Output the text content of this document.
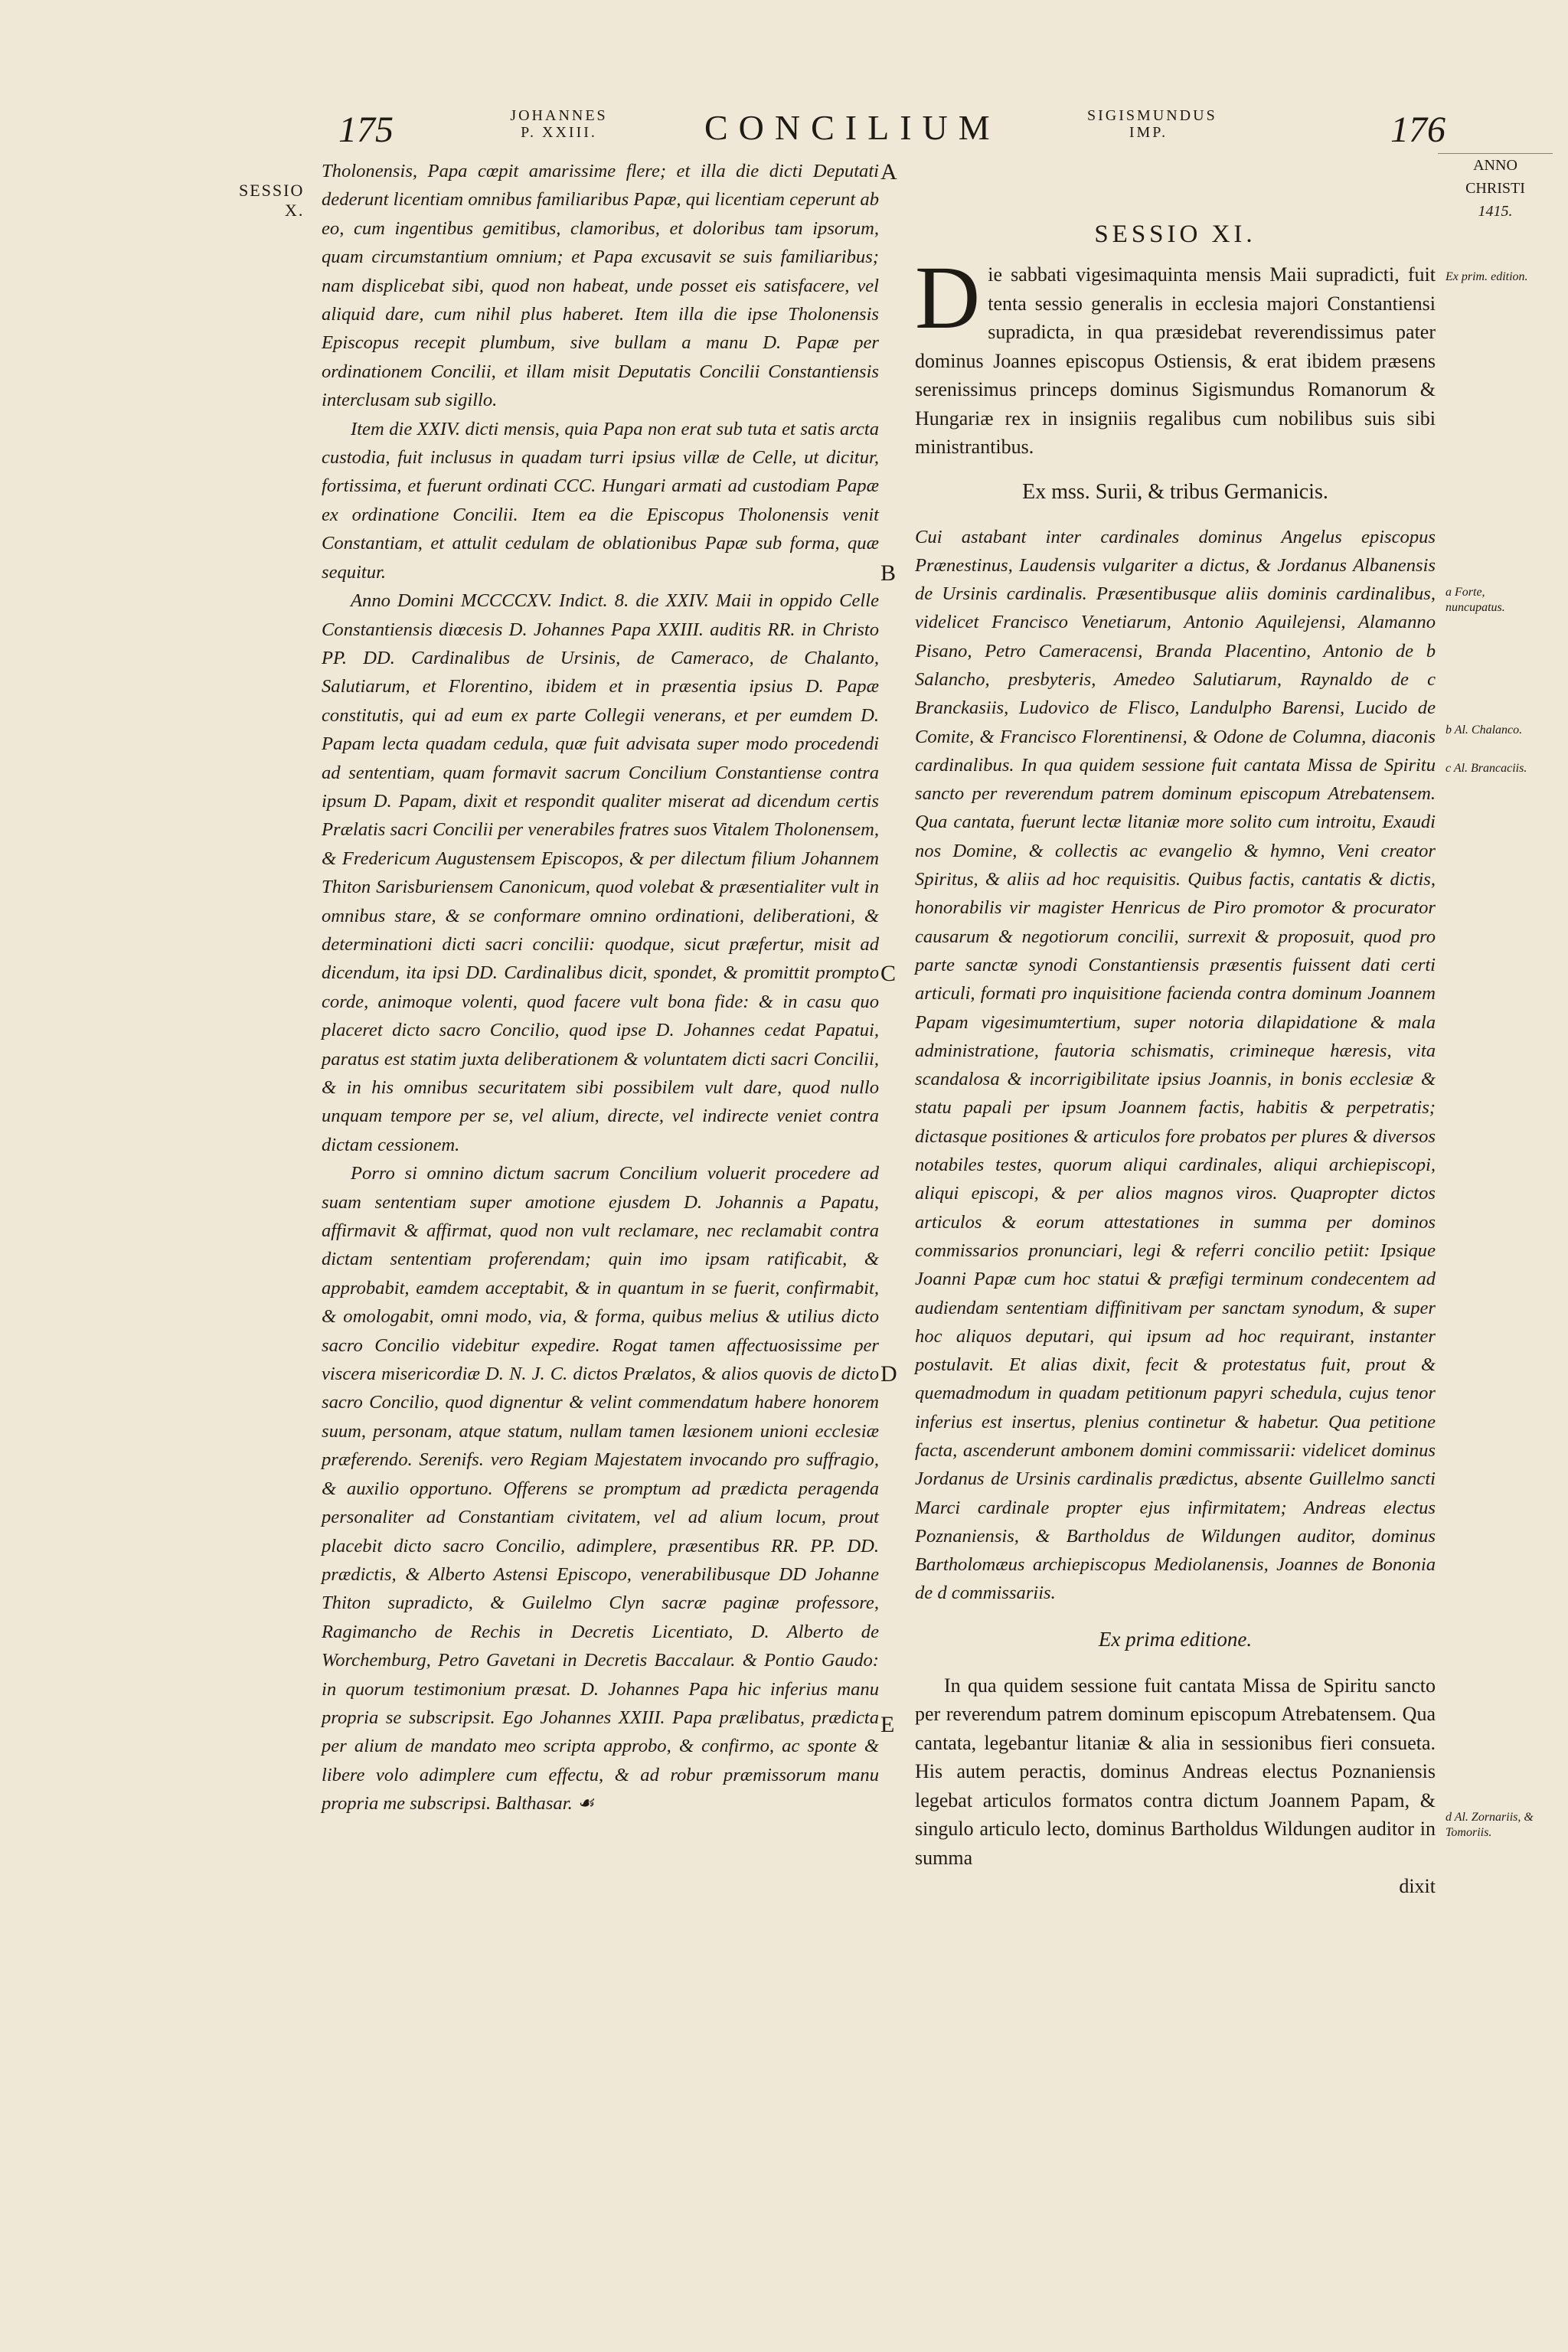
175	JOHANNES
P. XXIII.	CONCILIUM	SIGISMUNDUS
IMP.	176
ANNO
CHRISTI
1415.
SESSIO
X.
A
B
C
D
E

Tholonensis, Papa cœpit amarissime flere; et illa die dicti Deputati dederunt licentiam omnibus familiaribus Papæ, qui licentiam ceperunt ab eo, cum ingentibus gemitibus, clamoribus, et doloribus tam ipsorum, quam circumstantium omnium; et Papa excusavit se suis familiaribus; nam displicebat sibi, quod non habeat, unde posset eis satisfacere, vel aliquid dare, cum nihil plus haberet. Item illa die ipse Tholonensis Episcopus recepit plumbum, sive bullam a manu D. Papæ per ordinationem Concilii, et illam misit Deputatis Concilii Constantiensis interclusam sub sigillo.

Item die XXIV. dicti mensis, quia Papa non erat sub tuta et satis arcta custodia, fuit inclusus in quadam turri ipsius villæ de Celle, ut dicitur, fortissima, et fuerunt ordinati CCC. Hungari armati ad custodiam Papæ ex ordinatione Concilii. Item ea die Episcopus Tholonensis venit Constantiam, et attulit cedulam de oblationibus Papæ sub forma, quæ sequitur.

Anno Domini MCCCCXV. Indict. 8. die XXIV. Maii in oppido Celle Constantiensis diœcesis D. Johannes Papa XXIII. auditis RR. in Christo PP. DD. Cardinalibus de Ursinis, de Cameraco, de Chalanto, Salutiarum, et Florentino, ibidem et in præsentia ipsius D. Papæ constitutis, qui ad eum ex parte Collegii venerans, et per eumdem D. Papam lecta quadam cedula, quæ fuit advisata super modo procedendi ad sententiam, quam formavit sacrum Concilium Constantiense contra ipsum D. Papam, dixit et respondit qualiter miserat ad dicendum certis Prælatis sacri Concilii per venerabiles fratres suos Vitalem Tholonensem, & Fredericum Augustensem Episcopos, & per dilectum filium Johannem Thiton Sarisburiensem Canonicum, quod volebat & præsentialiter vult in omnibus stare, & se conformare omnino ordinationi, deliberationi, & determinationi dicti sacri concilii: quodque, sicut præfertur, misit ad dicendum, ita ipsi DD. Cardinalibus dicit, spondet, & promittit prompto corde, animoque volenti, quod facere vult bona fide: & in casu quo placeret dicto sacro Concilio, quod ipse D. Johannes cedat Papatui, paratus est statim juxta deliberationem & voluntatem dicti sacri Concilii, & in his omnibus securitatem sibi possibilem vult dare, quod nullo unquam tempore per se, vel alium, directe, vel indirecte veniet contra dictam cessionem.

Porro si omnino dictum sacrum Concilium voluerit procedere ad suam sententiam super amotione ejusdem D. Johannis a Papatu, affirmavit & affirmat, quod non vult reclamare, nec reclamabit contra dictam sententiam proferendam; quin imo ipsam ratificabit, & approbabit, eamdem acceptabit, & in quantum in se fuerit, confirmabit, & omologabit, omni modo, via, & forma, quibus melius & utilius dicto sacro Concilio videbitur expedire. Rogat tamen affectuosissime per viscera misericordiæ D. N. J. C. dictos Prælatos, & alios quovis de dicto sacro Concilio, quod dignentur & velint commendatum habere honorem suum, personam, atque statum, nullam tamen læsionem unioni ecclesiæ præferendo. Serenifs. vero Regiam Majestatem invocando pro suffragio, & auxilio opportuno. Offerens se promptum ad prædicta peragenda personaliter ad Constantiam civitatem, vel ad alium locum, prout placebit dicto sacro Concilio, adimplere, præsentibus RR. PP. DD. prædictis, & Alberto Astensi Episcopo, venerabilibusque DD Johanne Thiton supradicto, & Guilelmo Clyn sacræ paginæ professore, Ragimancho de Rechis in Decretis Licentiato, D. Alberto de Worchemburg, Petro Gavetani in Decretis Baccalaur. & Pontio Gaudo: in quorum testimonium præsat. D. Johannes Papa hic inferius manu propria se subscripsit. Ego Johannes XXIII. Papa prælibatus, prædicta per alium de mandato meo scripta approbo, & confirmo, ac sponte & libere volo adimplere cum effectu, & ad robur præmissorum manu propria me subscripsi. Balthasar. ☙

SESSIO XI.

Die sabbati vigesimaquinta mensis Maii supradicti, fuit tenta sessio generalis in ecclesia majori Constantiensi supradicta, in qua præsidebat reverendissimus pater dominus Joannes episcopus Ostiensis, & erat ibidem præsens serenissimus princeps dominus Sigismundus Romanorum & Hungariæ rex in insigniis regalibus cum nobilibus suis sibi ministrantibus.

Ex mss. Surii, & tribus Germanicis.

Cui astabant inter cardinales dominus Angelus episcopus Prænestinus, Laudensis vulgariter a dictus, & Jordanus Albanensis de Ursinis cardinalis. Præsentibusque aliis dominis cardinalibus, videlicet Francisco Venetiarum, Antonio Aquilejensi, Alamanno Pisano, Petro Cameracensi, Branda Placentino, Antonio de b Salancho, presbyteris, Amedeo Salutiarum, Raynaldo de c Branckasiis, Ludovico de Flisco, Landulpho Barensi, Lucido de Comite, & Francisco Florentinensi, & Odone de Columna, diaconis cardinalibus. In qua quidem sessione fuit cantata Missa de Spiritu sancto per reverendum patrem dominum episcopum Atrebatensem. Qua cantata, fuerunt lectæ litaniæ more solito cum introitu, Exaudi nos Domine, & collectis ac evangelio & hymno, Veni creator Spiritus, & aliis ad hoc requisitis. Quibus factis, cantatis & dictis, honorabilis vir magister Henricus de Piro promotor & procurator causarum & negotiorum concilii, surrexit & proposuit, quod pro parte sanctæ synodi Constantiensis præsentis fuissent dati certi articuli, formati pro inquisitione facienda contra dominum Joannem Papam vigesimumtertium, super notoria dilapidatione & mala administratione, fautoria schismatis, crimineque hæresis, vita scandalosa & incorrigibilitate ipsius Joannis, in bonis ecclesiæ & statu papali per ipsum Joannem factis, habitis & perpetratis; dictasque positiones & articulos fore probatos per plures & diversos notabiles testes, quorum aliqui cardinales, aliqui archiepiscopi, aliqui episcopi, & per alios magnos viros. Quapropter dictos articulos & eorum attestationes in summa per dominos commissarios pronunciari, legi & referri concilio petiit: Ipsique Joanni Papæ cum hoc statui & præfigi terminum condecentem ad audiendam sententiam diffinitivam per sanctam synodum, & super hoc aliquos deputari, qui ipsum ad hoc requirant, instanter postulavit. Et alias dixit, fecit & protestatus fuit, prout & quemadmodum in quadam petitionum papyri schedula, cujus tenor inferius est insertus, plenius continetur & habetur. Qua petitione facta, ascenderunt ambonem domini commissarii: videlicet dominus Jordanus de Ursinis cardinalis prædictus, absente Guillelmo sancti Marci cardinale propter ejus infirmitatem; Andreas electus Poznaniensis, & Bartholdus de Wildungen auditor, dominus Bartholomæus archiepiscopus Mediolanensis, Joannes de Bononia de d commissariis.

Ex prima editione.

In qua quidem sessione fuit cantata Missa de Spiritu sancto per reverendum patrem dominum episcopum Atrebatensem. Qua cantata, legebantur litaniæ & alia in sessionibus fieri consueta. His autem peractis, dominus Andreas electus Poznaniensis legebat articulos formatos contra dictum Joannem Papam, & singulo articulo lecto, dominus Bartholdus Wildungen auditor in summa

dixit

Ex prim. edition.
a Forte, nuncupatus.
b Al. Chalanco.
c Al. Brancaciis.
d Al. Zornariis, & Tomoriis.
